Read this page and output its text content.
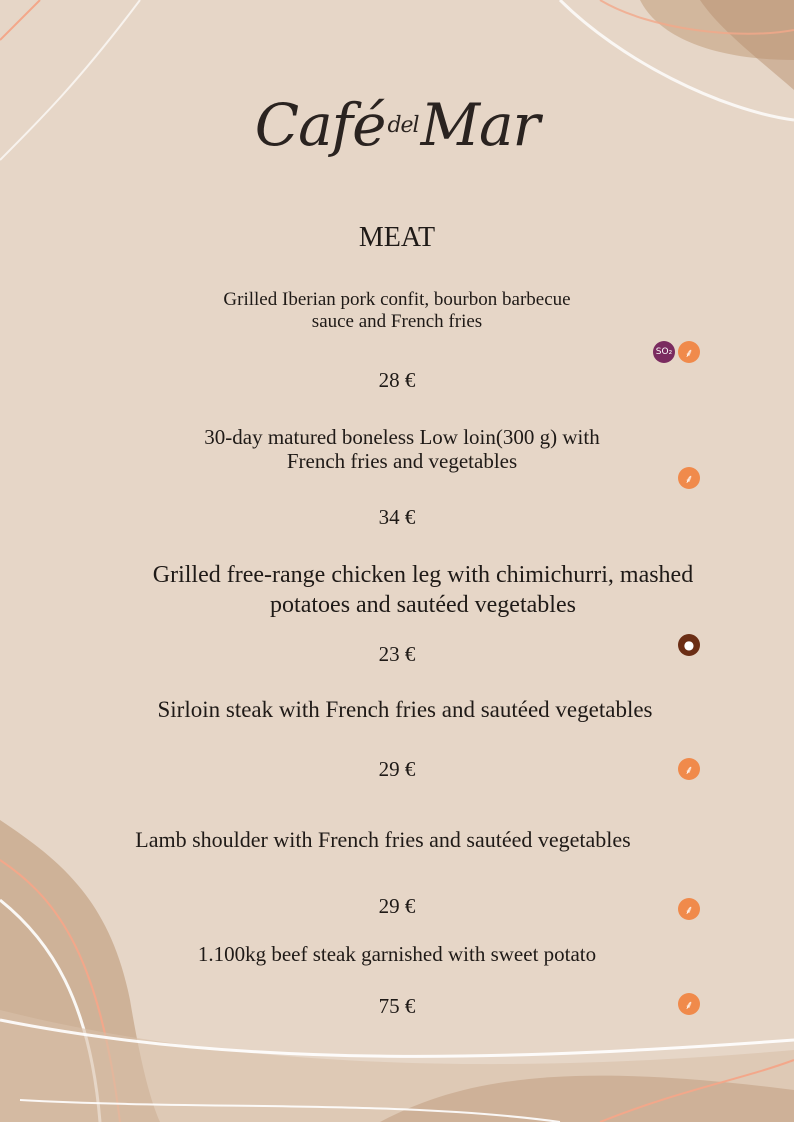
Café del Mar
MEAT
Grilled Iberian pork confit, bourbon barbecue
sauce and French fries
SO₂	⸙
28 €
30-day matured boneless Low loin(300 g) with
French fries and vegetables
⸙
34 €
Grilled free-range chicken leg with chimichurri, mashed
potatoes and sautéed vegetables
●
23 €
Sirloin steak with French fries and sautéed vegetables
⸙
29 €
Lamb shoulder with French fries and sautéed vegetables
⸙
29 €
1.100kg beef steak garnished with sweet potato
⸙
75 €
